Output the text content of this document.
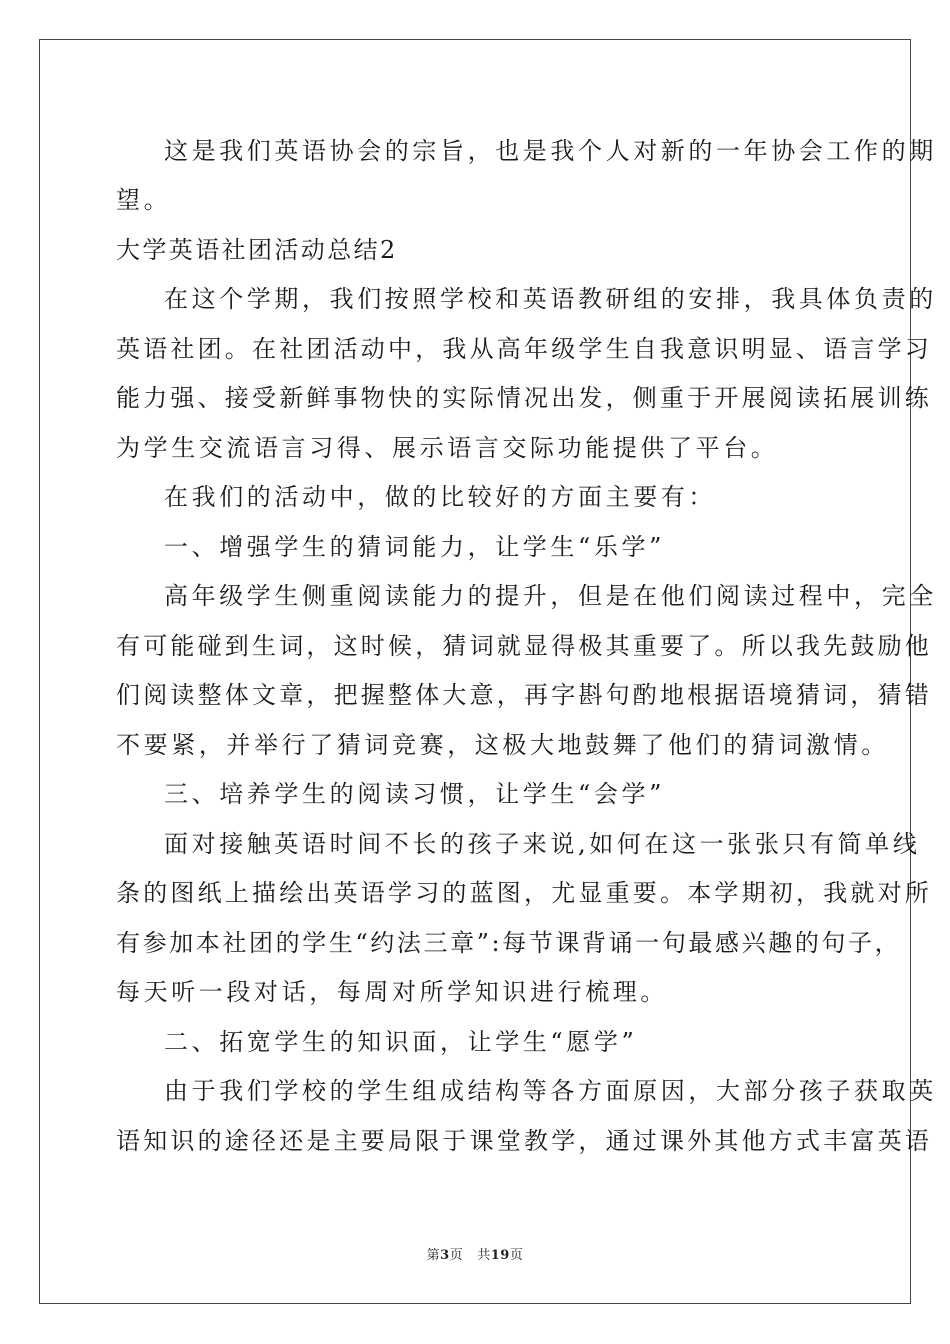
这是我们英语协会的宗旨，也是我个人对新的一年协会工作的期
望。
大学英语社团活动总结2
在这个学期，我们按照学校和英语教研组的安排，我具体负责的
英语社团。在社团活动中，我从高年级学生自我意识明显、语言学习
能力强、接受新鲜事物快的实际情况出发，侧重于开展阅读拓展训练
为学生交流语言习得、展示语言交际功能提供了平台。
在我们的活动中，做的比较好的方面主要有：
一、增强学生的猜词能力，让学生“乐学”
高年级学生侧重阅读能力的提升，但是在他们阅读过程中，完全
有可能碰到生词，这时候，猜词就显得极其重要了。所以我先鼓励他
们阅读整体文章，把握整体大意，再字斟句酌地根据语境猜词，猜错
不要紧，并举行了猜词竞赛，这极大地鼓舞了他们的猜词激情。
三、培养学生的阅读习惯，让学生“会学”
面对接触英语时间不长的孩子来说,如何在这一张张只有简单线
条的图纸上描绘出英语学习的蓝图，尤显重要。本学期初，我就对所
有参加本社团的学生“约法三章”:每节课背诵一句最感兴趣的句子，
每天听一段对话，每周对所学知识进行梳理。
二、拓宽学生的知识面，让学生“愿学”
由于我们学校的学生组成结构等各方面原因，大部分孩子获取英
语知识的途径还是主要局限于课堂教学，通过课外其他方式丰富英语
第3页 共19页
